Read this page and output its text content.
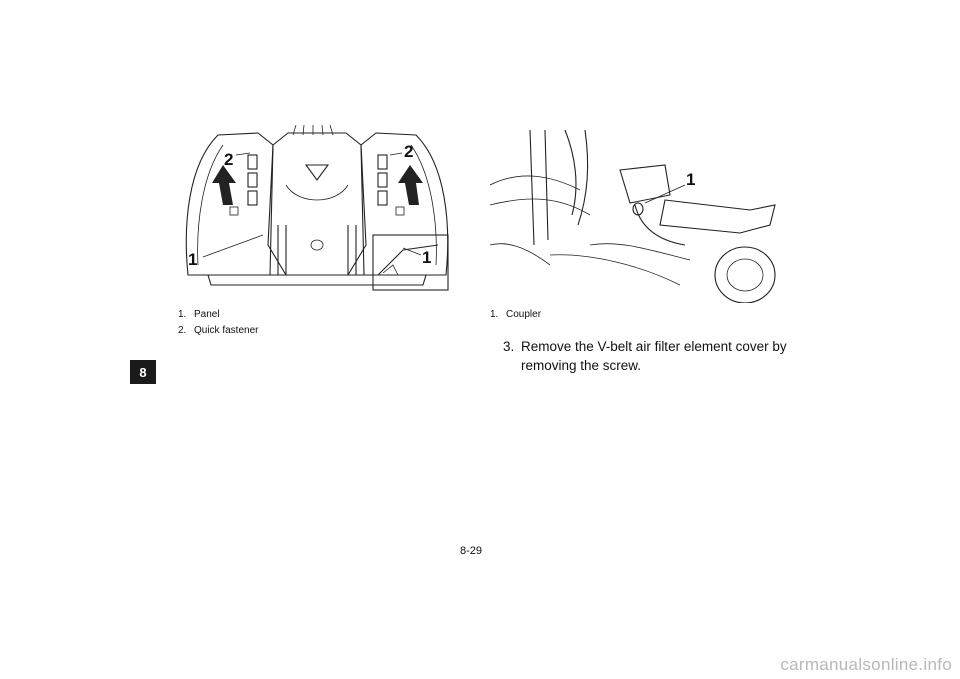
8
1
2	2
1
1. Panel
2. Quick fastener
1
1. Coupler
3. Remove the V-belt air filter element cover by removing the screw.
8-29
carmanualsonline.info
